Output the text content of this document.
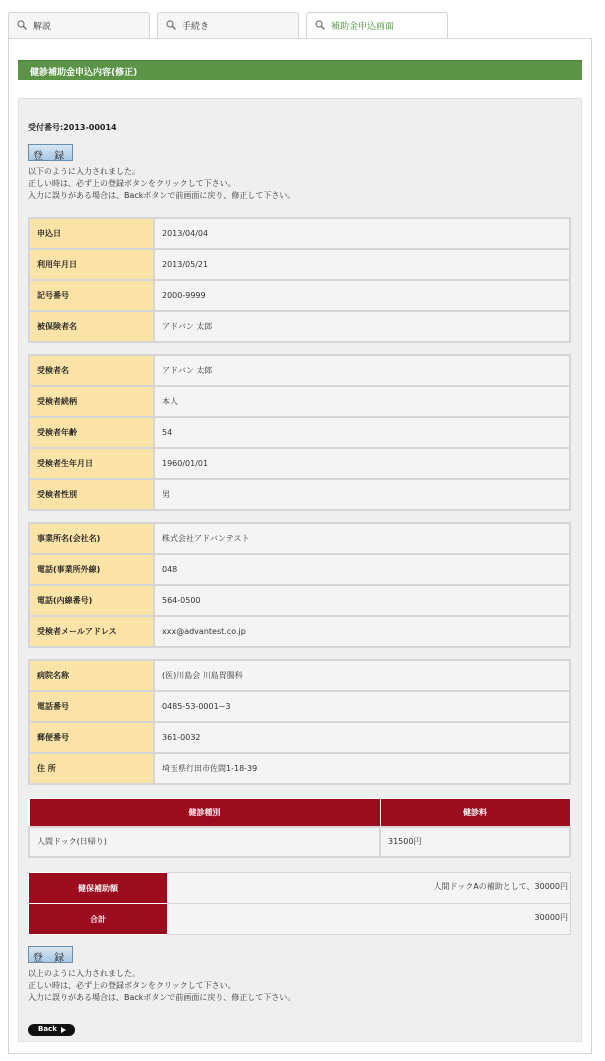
解説	手続き	補助金申込画面
健診補助金申込内容(修正)
受付番号:2013-00014
登 録
以下のように入力されました。
正しい時は、必ず上の登録ボタンをクリックして下さい。
入力に誤りがある場合は、Backボタンで前画面に戻り、修正して下さい。
申込日	2013/04/04
利用年月日	2013/05/21
記号番号	2000-9999
被保険者名	アドバン 太郎
受検者名	アドバン 太郎
受検者続柄	本人
受検者年齢	54
受検者生年月日	1960/01/01
受検者性別	男
事業所名(会社名)	株式会社アドバンテスト
電話(事業所外線)	048
電話(内線番号)	564-0500
受検者メールアドレス	xxx@advantest.co.jp
病院名称	(医)川島会 川島胃腸科
電話番号	0485-53-0001~3
郵便番号	361-0032
住 所	埼玉県行田市佐間1-18-39
健診種別	健診料
人間ドック(日帰り)	31500円
健保補助額	人間ドックAの補助として、30000円
合計	30000円
登 録
以上のように入力されました。
正しい時は、必ず上の登録ボタンをクリックして下さい。
入力に誤りがある場合は、Backボタンで前画面に戻り、修正して下さい。
Back
